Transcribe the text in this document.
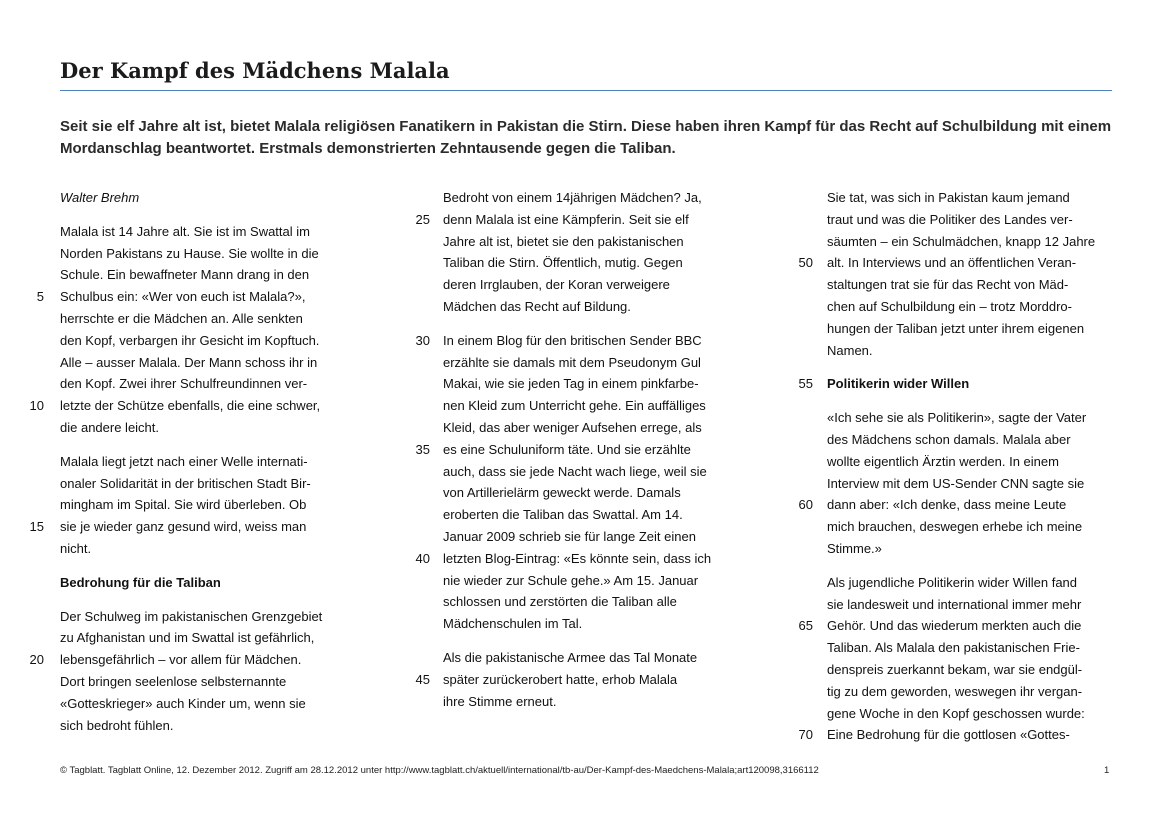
Der Kampf des Mädchens Malala

Seit sie elf Jahre alt ist, bietet Malala religiösen Fanatikern in Pakistan die Stirn. Diese haben ihren Kampf für das Recht auf Schulbildung mit einem Mordanschlag beantwortet. Erstmals demonstrierten Zehntausende gegen die Taliban.

Walter Brehm
Malala ist 14 Jahre alt. Sie ist im Swattal im
Norden Pakistans zu Hause. Sie wollte in die
Schule. Ein bewaffneter Mann drang in den
Schulbus ein: «Wer von euch ist Malala?»,
herrschte er die Mädchen an. Alle senkten
den Kopf, verbargen ihr Gesicht im Kopftuch.
Alle – ausser Malala. Der Mann schoss ihr in
den Kopf. Zwei ihrer Schulfreundinnen ver-
letzte der Schütze ebenfalls, die eine schwer,
die andere leicht.
Malala liegt jetzt nach einer Welle internati-
onaler Solidarität in der britischen Stadt Bir-
mingham im Spital. Sie wird überleben. Ob
sie je wieder ganz gesund wird, weiss man
nicht.
Bedrohung für die Taliban
Der Schulweg im pakistanischen Grenzgebiet
zu Afghanistan und im Swattal ist gefährlich,
lebensgefährlich – vor allem für Mädchen.
Dort bringen seelenlose selbsternannte
«Gotteskrieger» auch Kinder um, wenn sie
sich bedroht fühlen.
Bedroht von einem 14jährigen Mädchen? Ja,
denn Malala ist eine Kämpferin. Seit sie elf
Jahre alt ist, bietet sie den pakistanischen
Taliban die Stirn. Öffentlich, mutig. Gegen
deren Irrglauben, der Koran verweigere
Mädchen das Recht auf Bildung.
In einem Blog für den britischen Sender BBC
erzählte sie damals mit dem Pseudonym Gul
Makai, wie sie jeden Tag in einem pinkfarbe-
nen Kleid zum Unterricht gehe. Ein auffälliges
Kleid, das aber weniger Aufsehen errege, als
es eine Schuluniform täte. Und sie erzählte
auch, dass sie jede Nacht wach liege, weil sie
von Artillerielärm geweckt werde. Damals
eroberten die Taliban das Swattal. Am 14.
Januar 2009 schrieb sie für lange Zeit einen
letzten Blog-Eintrag: «Es könnte sein, dass ich
nie wieder zur Schule gehe.» Am 15. Januar
schlossen und zerstörten die Taliban alle
Mädchenschulen im Tal.
Als die pakistanische Armee das Tal Monate
später zurückerobert hatte, erhob Malala
ihre Stimme erneut.
Sie tat, was sich in Pakistan kaum jemand
traut und was die Politiker des Landes ver-
säumten – ein Schulmädchen, knapp 12 Jahre
alt. In Interviews und an öffentlichen Veran-
staltungen trat sie für das Recht von Mäd-
chen auf Schulbildung ein – trotz Morddro-
hungen der Taliban jetzt unter ihrem eigenen
Namen.
Politikerin wider Willen
«Ich sehe sie als Politikerin», sagte der Vater
des Mädchens schon damals. Malala aber
wollte eigentlich Ärztin werden. In einem
Interview mit dem US-Sender CNN sagte sie
dann aber: «Ich denke, dass meine Leute
mich brauchen, deswegen erhebe ich meine
Stimme.»
Als jugendliche Politikerin wider Willen fand
sie landesweit und international immer mehr
Gehör. Und das wiederum merkten auch die
Taliban. Als Malala den pakistanischen Frie-
denspreis zuerkannt bekam, war sie endgül-
tig zu dem geworden, weswegen ihr vergan-
gene Woche in den Kopf geschossen wurde:
Eine Bedrohung für die gottlosen «Gottes-
© Tagblatt. Tagblatt Online, 12. Dezember 2012. Zugriff am 28.12.2012 unter http://www.tagblatt.ch/aktuell/international/tb-au/Der-Kampf-des-Maedchens-Malala;art120098,3166112	1
5
10
15
20
25
30
35
40
45
50
55
60
65
70
